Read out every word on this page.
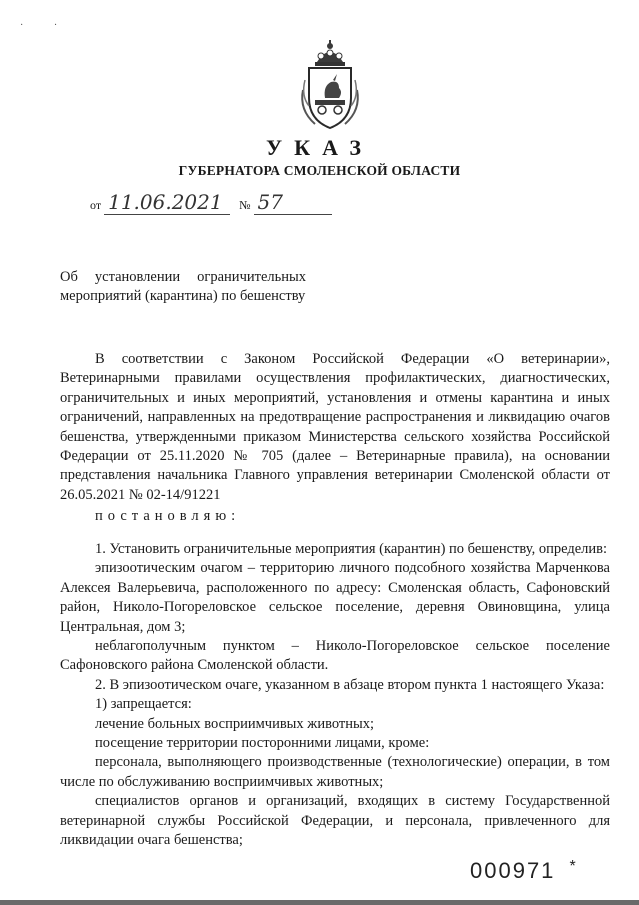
· ·
УКАЗ
ГУБЕРНАТОРА СМОЛЕНСКОЙ ОБЛАСТИ
от 11.06.2021 № 57
Об установлении ограничительных мероприятий (карантина) по бешенству

В соответствии с Законом Российской Федерации «О ветеринарии», Ветеринарными правилами осуществления профилактических, диагностических, ограничительных и иных мероприятий, установления и отмены карантина и иных ограничений, направленных на предотвращение распространения и ликвидацию очагов бешенства, утвержденными приказом Министерства сельского хозяйства Российской Федерации от 25.11.2020 № 705 (далее – Ветеринарные правила), на основании представления начальника Главного управления ветеринарии Смоленской области от 26.05.2021 № 02-14/91221

постановляю:

1. Установить ограничительные мероприятия (карантин) по бешенству, определив:

эпизоотическим очагом – территорию личного подсобного хозяйства Марченкова Алексея Валерьевича, расположенного по адресу: Смоленская область, Сафоновский район, Николо-Погореловское сельское поселение, деревня Овиновщина, улица Центральная, дом 3;

неблагополучным пунктом – Николо-Погореловское сельское поселение Сафоновского района Смоленской области.

2. В эпизоотическом очаге, указанном в абзаце втором пункта 1 настоящего Указа:

1) запрещается:

лечение больных восприимчивых животных;

посещение территории посторонними лицами, кроме:

персонала, выполняющего производственные (технологические) операции, в том числе по обслуживанию восприимчивых животных;

специалистов органов и организаций, входящих в систему Государственной ветеринарной службы Российской Федерации, и персонала, привлеченного для ликвидации очага бешенства;

000971 *
